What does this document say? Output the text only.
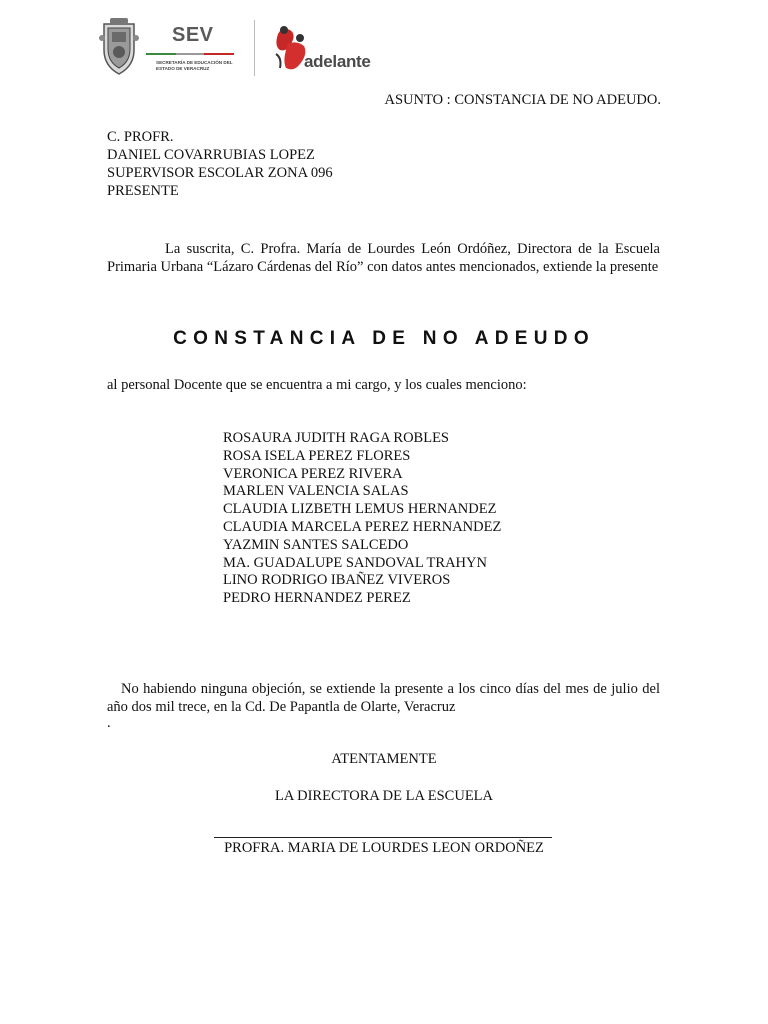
SEV

SECRETARÍA DE EDUCACIÓN DEL ESTADO DE VERACRUZ	adelante

ASUNTO : CONSTANCIA DE NO ADEUDO.

C. PROFR.
DANIEL COVARRUBIAS LOPEZ
SUPERVISOR ESCOLAR ZONA 096
PRESENTE

La suscrita, C. Profra. María de Lourdes León Ordóñez, Directora de la Escuela Primaria Urbana “Lázaro Cárdenas del Río” con datos antes mencionados, extiende la presente

CONSTANCIA DE NO ADEUDO

al personal Docente que se encuentra a mi cargo, y los cuales menciono:

ROSAURA JUDITH RAGA ROBLES
ROSA ISELA PEREZ FLORES
VERONICA PEREZ RIVERA
MARLEN VALENCIA SALAS
CLAUDIA LIZBETH LEMUS HERNANDEZ
CLAUDIA MARCELA PEREZ HERNANDEZ
YAZMIN SANTES SALCEDO
MA. GUADALUPE SANDOVAL TRAHYN
LINO RODRIGO IBAÑEZ VIVEROS
PEDRO HERNANDEZ PEREZ

No habiendo ninguna objeción, se extiende la presente a los cinco días del mes de julio del año dos mil trece, en la Cd. De Papantla de Olarte, Veracruz

.

ATENTAMENTE

LA DIRECTORA DE LA ESCUELA

PROFRA. MARIA DE LOURDES LEON ORDOÑEZ
